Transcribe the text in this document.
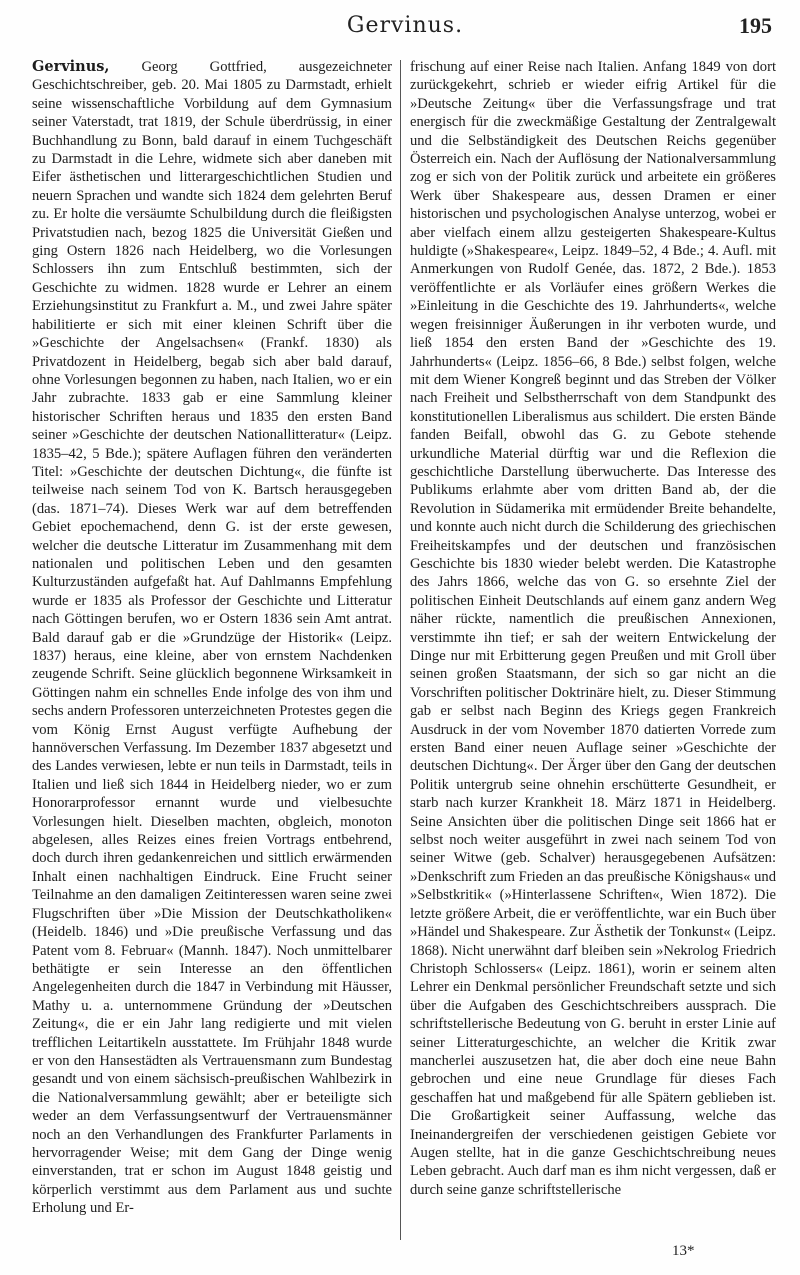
Gervinus.	195

Gervinus, Georg Gottfried, ausgezeichneter Geschichtschreiber, geb. 20. Mai 1805 zu Darmstadt, erhielt seine wissenschaftliche Vorbildung auf dem Gymnasium seiner Vaterstadt, trat 1819, der Schule überdrüssig, in einer Buchhandlung zu Bonn, bald darauf in einem Tuchgeschäft zu Darmstadt in die Lehre, widmete sich aber daneben mit Eifer ästhetischen und litterargeschichtlichen Studien und neuern Sprachen und wandte sich 1824 dem gelehrten Beruf zu. Er holte die versäumte Schulbildung durch die fleißigsten Privatstudien nach, bezog 1825 die Universität Gießen und ging Ostern 1826 nach Heidelberg, wo die Vorlesungen Schlossers ihn zum Entschluß bestimmten, sich der Geschichte zu widmen. 1828 wurde er Lehrer an einem Erziehungsinstitut zu Frankfurt a. M., und zwei Jahre später habilitierte er sich mit einer kleinen Schrift über die »Geschichte der Angelsachsen« (Frankf. 1830) als Privatdozent in Heidelberg, begab sich aber bald darauf, ohne Vorlesungen begonnen zu haben, nach Italien, wo er ein Jahr zubrachte. 1833 gab er eine Sammlung kleiner historischer Schriften heraus und 1835 den ersten Band seiner »Geschichte der deutschen Nationallitteratur« (Leipz. 1835–42, 5 Bde.); spätere Auflagen führen den veränderten Titel: »Geschichte der deutschen Dichtung«, die fünfte ist teilweise nach seinem Tod von K. Bartsch herausgegeben (das. 1871–74). Dieses Werk war auf dem betreffenden Gebiet epochemachend, denn G. ist der erste gewesen, welcher die deutsche Litteratur im Zusammenhang mit dem nationalen und politischen Leben und den gesamten Kulturzuständen aufgefaßt hat. Auf Dahlmanns Empfehlung wurde er 1835 als Professor der Geschichte und Litteratur nach Göttingen berufen, wo er Ostern 1836 sein Amt antrat. Bald darauf gab er die »Grundzüge der Historik« (Leipz. 1837) heraus, eine kleine, aber von ernstem Nachdenken zeugende Schrift. Seine glücklich begonnene Wirksamkeit in Göttingen nahm ein schnelles Ende infolge des von ihm und sechs andern Professoren unterzeichneten Protestes gegen die vom König Ernst August verfügte Aufhebung der hannöverschen Verfassung. Im Dezember 1837 abgesetzt und des Landes verwiesen, lebte er nun teils in Darmstadt, teils in Italien und ließ sich 1844 in Heidelberg nieder, wo er zum Honorarprofessor ernannt wurde und vielbesuchte Vorlesungen hielt. Dieselben machten, obgleich, monoton abgelesen, alles Reizes eines freien Vortrags entbehrend, doch durch ihren gedankenreichen und sittlich erwärmenden Inhalt einen nachhaltigen Eindruck. Eine Frucht seiner Teilnahme an den damaligen Zeitinteressen waren seine zwei Flugschriften über »Die Mission der Deutschkatholiken« (Heidelb. 1846) und »Die preußische Verfassung und das Patent vom 8. Februar« (Mannh. 1847). Noch unmittelbarer bethätigte er sein Interesse an den öffentlichen Angelegenheiten durch die 1847 in Verbindung mit Häusser, Mathy u. a. unternommene Gründung der »Deutschen Zeitung«, die er ein Jahr lang redigierte und mit vielen trefflichen Leitartikeln ausstattete. Im Frühjahr 1848 wurde er von den Hansestädten als Vertrauensmann zum Bundestag gesandt und von einem sächsisch-preußischen Wahlbezirk in die Nationalversammlung gewählt; aber er beteiligte sich weder an dem Verfassungsentwurf der Vertrauensmänner noch an den Verhandlungen des Frankfurter Parlaments in hervorragender Weise; mit dem Gang der Dinge wenig einverstanden, trat er schon im August 1848 geistig und körperlich verstimmt aus dem Parlament aus und suchte Erholung und Er-

frischung auf einer Reise nach Italien. Anfang 1849 von dort zurückgekehrt, schrieb er wieder eifrig Artikel für die »Deutsche Zeitung« über die Verfassungsfrage und trat energisch für die zweckmäßige Gestaltung der Zentralgewalt und die Selbständigkeit des Deutschen Reichs gegenüber Österreich ein. Nach der Auflösung der Nationalversammlung zog er sich von der Politik zurück und arbeitete ein größeres Werk über Shakespeare aus, dessen Dramen er einer historischen und psychologischen Analyse unterzog, wobei er aber vielfach einem allzu gesteigerten Shakespeare-Kultus huldigte (»Shakespeare«, Leipz. 1849–52, 4 Bde.; 4. Aufl. mit Anmerkungen von Rudolf Genée, das. 1872, 2 Bde.). 1853 veröffentlichte er als Vorläufer eines größern Werkes die »Einleitung in die Geschichte des 19. Jahrhunderts«, welche wegen freisinniger Äußerungen in ihr verboten wurde, und ließ 1854 den ersten Band der »Geschichte des 19. Jahrhunderts« (Leipz. 1856–66, 8 Bde.) selbst folgen, welche mit dem Wiener Kongreß beginnt und das Streben der Völker nach Freiheit und Selbstherrschaft von dem Standpunkt des konstitutionellen Liberalismus aus schildert. Die ersten Bände fanden Beifall, obwohl das G. zu Gebote stehende urkundliche Material dürftig war und die Reflexion die geschichtliche Darstellung überwucherte. Das Interesse des Publikums erlahmte aber vom dritten Band ab, der die Revolution in Südamerika mit ermüdender Breite behandelte, und konnte auch nicht durch die Schilderung des griechischen Freiheitskampfes und der deutschen und französischen Geschichte bis 1830 wieder belebt werden. Die Katastrophe des Jahrs 1866, welche das von G. so ersehnte Ziel der politischen Einheit Deutschlands auf einem ganz andern Weg näher rückte, namentlich die preußischen Annexionen, verstimmte ihn tief; er sah der weitern Entwickelung der Dinge nur mit Erbitterung gegen Preußen und mit Groll über seinen großen Staatsmann, der sich so gar nicht an die Vorschriften politischer Doktrinäre hielt, zu. Dieser Stimmung gab er selbst nach Beginn des Kriegs gegen Frankreich Ausdruck in der vom November 1870 datierten Vorrede zum ersten Band einer neuen Auflage seiner »Geschichte der deutschen Dichtung«. Der Ärger über den Gang der deutschen Politik untergrub seine ohnehin erschütterte Gesundheit, er starb nach kurzer Krankheit 18. März 1871 in Heidelberg. Seine Ansichten über die politischen Dinge seit 1866 hat er selbst noch weiter ausgeführt in zwei nach seinem Tod von seiner Witwe (geb. Schalver) herausgegebenen Aufsätzen: »Denkschrift zum Frieden an das preußische Königshaus« und »Selbstkritik« (»Hinterlassene Schriften«, Wien 1872). Die letzte größere Arbeit, die er veröffentlichte, war ein Buch über »Händel und Shakespeare. Zur Ästhetik der Tonkunst« (Leipz. 1868). Nicht unerwähnt darf bleiben sein »Nekrolog Friedrich Christoph Schlossers« (Leipz. 1861), worin er seinem alten Lehrer ein Denkmal persönlicher Freundschaft setzte und sich über die Aufgaben des Geschichtschreibers aussprach. Die schriftstellerische Bedeutung von G. beruht in erster Linie auf seiner Litteraturgeschichte, an welcher die Kritik zwar mancherlei auszusetzen hat, die aber doch eine neue Bahn gebrochen und eine neue Grundlage für dieses Fach geschaffen hat und maßgebend für alle Spätern geblieben ist. Die Großartigkeit seiner Auffassung, welche das Ineinandergreifen der verschiedenen geistigen Gebiete vor Augen stellte, hat in die ganze Geschichtschreibung neues Leben gebracht. Auch darf man es ihm nicht vergessen, daß er durch seine ganze schriftstellerische

13*
